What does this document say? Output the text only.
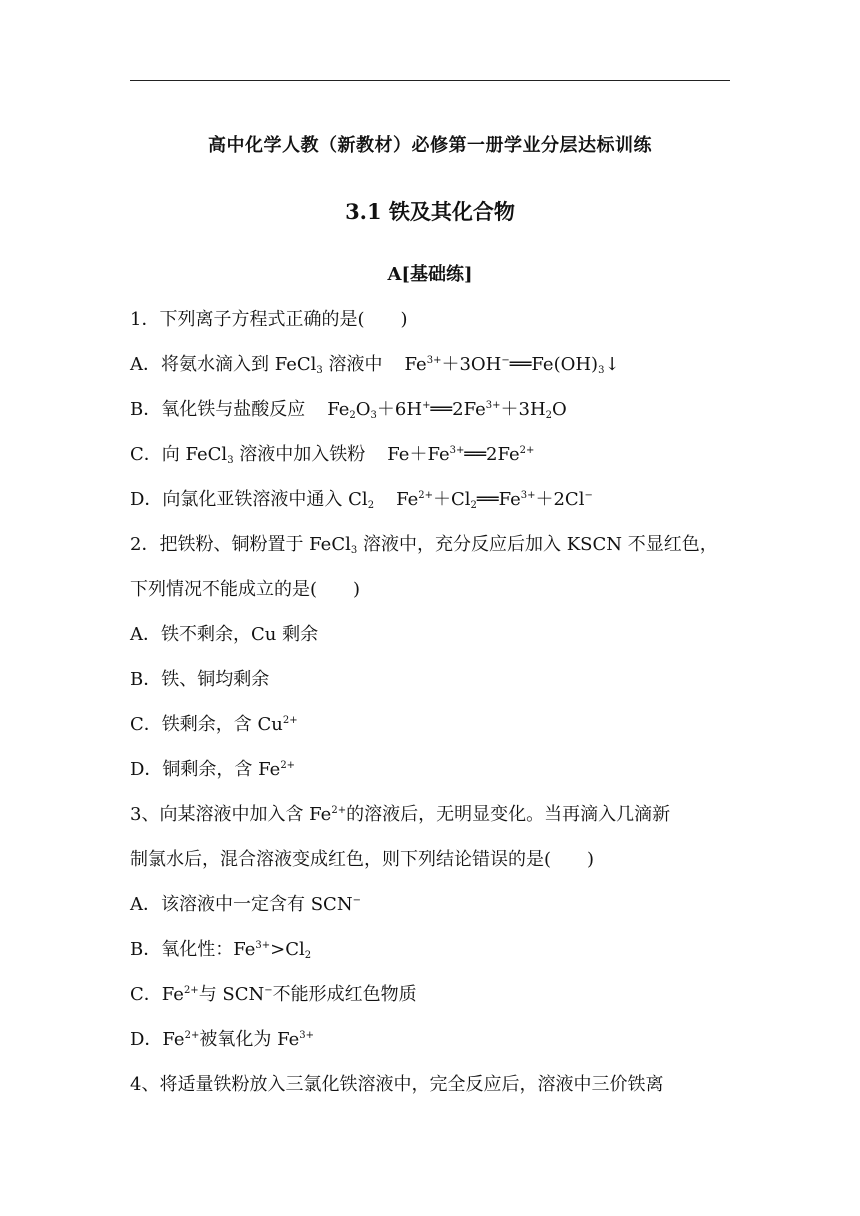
高中化学人教（新教材）必修第一册学业分层达标训练
3.1 铁及其化合物
A[基础练]
1．下列离子方程式正确的是(　　)
A．将氨水滴入到 FeCl$_3$ 溶液中 $Fe^{3+}+3OH^-══Fe(OH)_3↓$
B．氧化铁与盐酸反应 $Fe_2O_3+6H^+══2Fe^{3+}+3H_2O$
C．向 FeCl$_3$ 溶液中加入铁粉 $Fe+Fe^{3+}══2Fe^{2+}$
D．向氯化亚铁溶液中通入 $Cl_2$ $Fe^{2+}+Cl_2══Fe^{3+}+2Cl^-$
2．把铁粉、铜粉置于 FeCl$_3$ 溶液中，充分反应后加入 KSCN 不显红色，
下列情况不能成立的是(　　)
A．铁不剩余，Cu 剩余
B．铁、铜均剩余
C．铁剩余，含 $Cu^{2+}$
D．铜剩余，含 $Fe^{2+}$
3、向某溶液中加入含 $Fe^{2+}$的溶液后，无明显变化。当再滴入几滴新
制氯水后，混合溶液变成红色，则下列结论错误的是(　　)
A．该溶液中一定含有 SCN−
B．氧化性：$Fe^{3+}>Cl_2$
C．$Fe^{2+}$与 SCN−不能形成红色物质
D．$Fe^{2+}$被氧化为 $Fe^{3+}$
4、将适量铁粉放入三氯化铁溶液中，完全反应后，溶液中三价铁离
